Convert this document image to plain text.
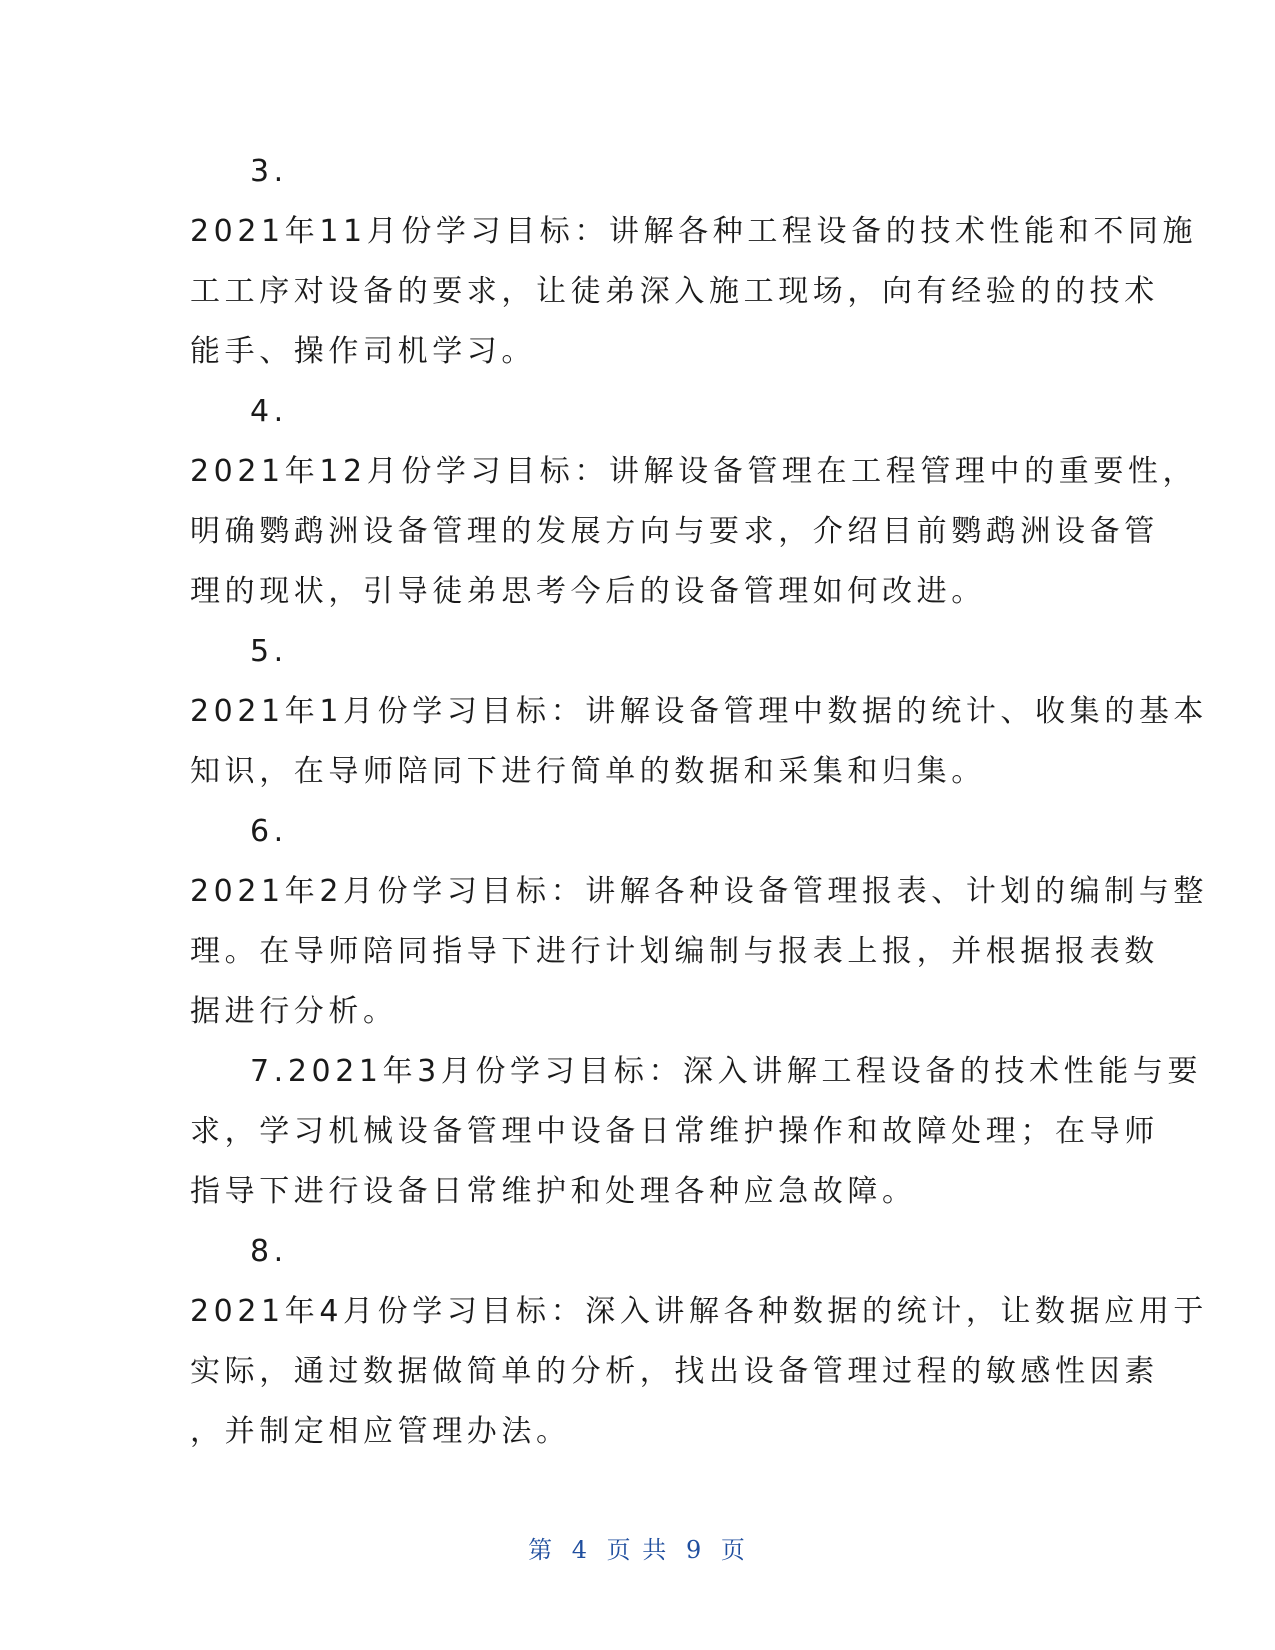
3.
2021年11月份学习目标：讲解各种工程设备的技术性能和不同施
工工序对设备的要求，让徒弟深入施工现场，向有经验的的技术
能手、操作司机学习。
4.
2021年12月份学习目标：讲解设备管理在工程管理中的重要性，
明确鹦鹉洲设备管理的发展方向与要求，介绍目前鹦鹉洲设备管
理的现状，引导徒弟思考今后的设备管理如何改进。
5.
2021年1月份学习目标：讲解设备管理中数据的统计、收集的基本
知识，在导师陪同下进行简单的数据和采集和归集。
6.
2021年2月份学习目标：讲解各种设备管理报表、计划的编制与整
理。在导师陪同指导下进行计划编制与报表上报，并根据报表数
据进行分析。
7.2021年3月份学习目标：深入讲解工程设备的技术性能与要
求，学习机械设备管理中设备日常维护操作和故障处理；在导师
指导下进行设备日常维护和处理各种应急故障。
8.
2021年4月份学习目标：深入讲解各种数据的统计，让数据应用于
实际，通过数据做简单的分析，找出设备管理过程的敏感性因素
，并制定相应管理办法。
第 4 页 共 9 页
